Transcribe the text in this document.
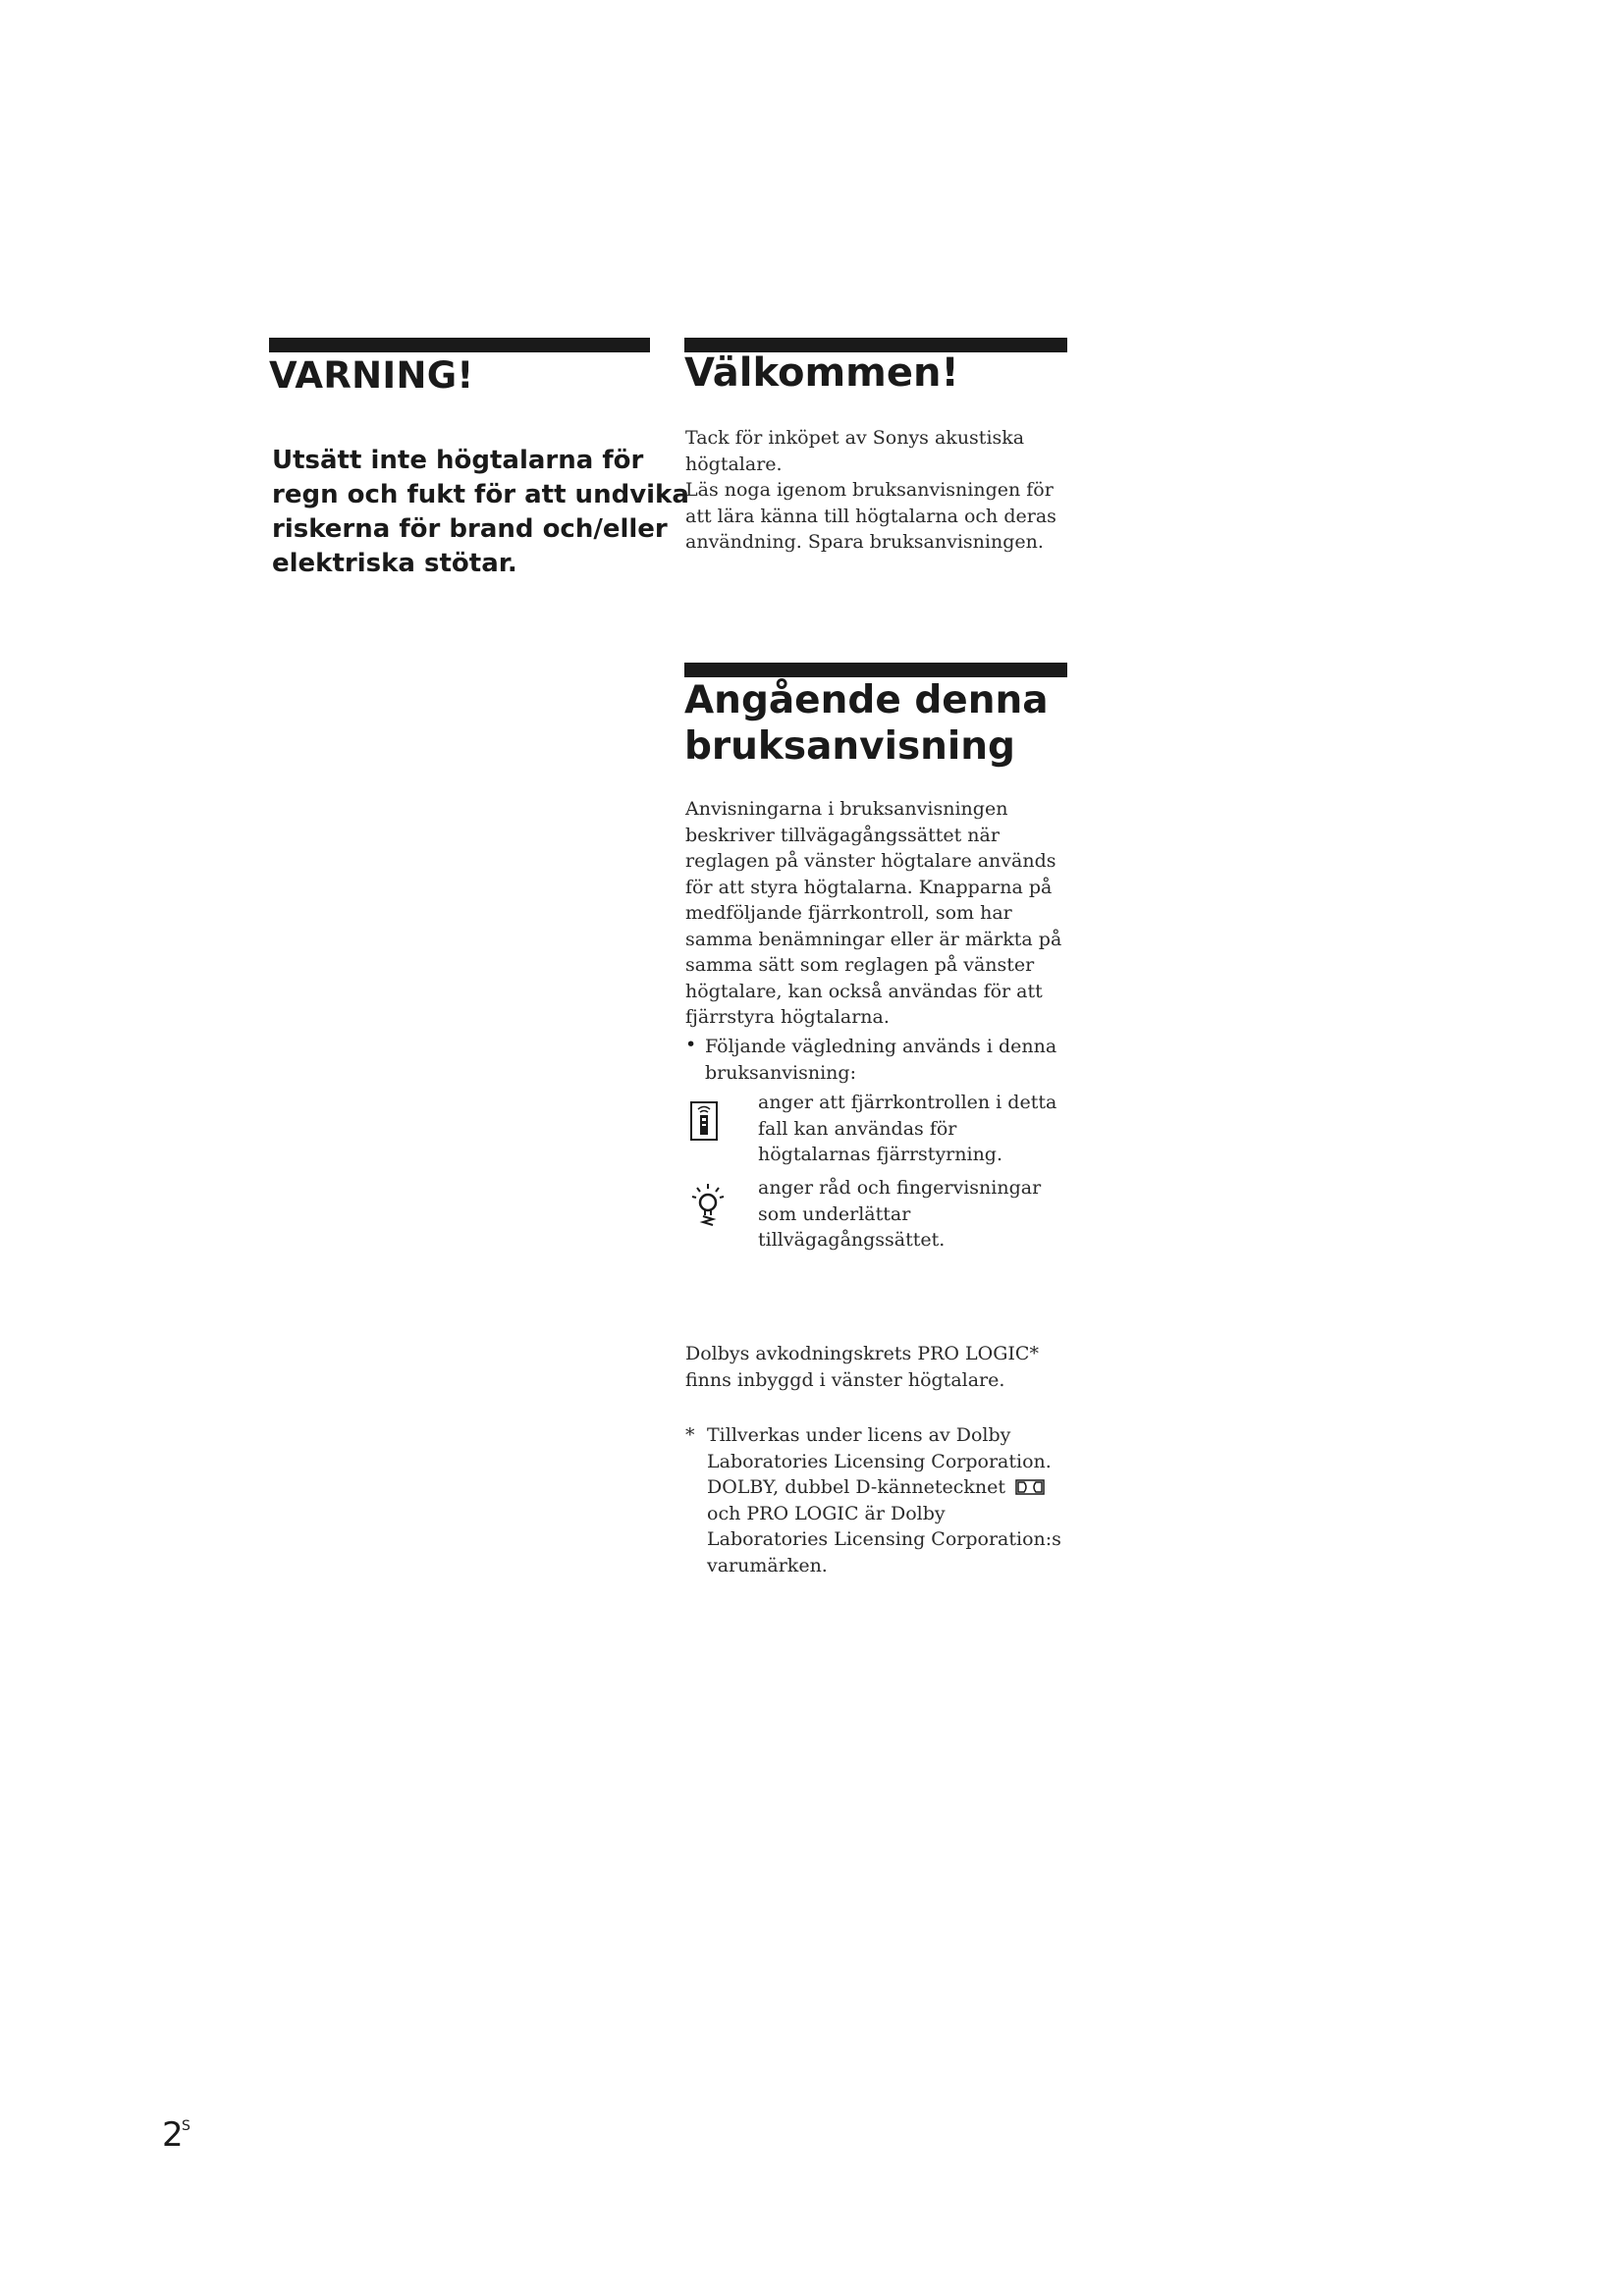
VARNING!

Utsätt inte högtalarna för
regn och fukt för att undvika
riskerna för brand och/eller
elektriska stötar.

Välkommen!

Tack för inköpet av Sonys akustiska
högtalare.
Läs noga igenom bruksanvisningen för
att lära känna till högtalarna och deras
användning. Spara bruksanvisningen.

Angående denna
bruksanvisning

Anvisningarna i bruksanvisningen
beskriver tillvägagångssättet när
reglagen på vänster högtalare används
för att styra högtalarna. Knapparna på
medföljande fjärrkontroll, som har
samma benämningar eller är märkta på
samma sätt som reglagen på vänster
högtalare, kan också användas för att
fjärrstyra högtalarna.

• Följande vägledning används i denna
bruksanvisning:

anger att fjärrkontrollen i detta
fall kan användas för
högtalarnas fjärrstyrning.

anger råd och fingervisningar
som underlättar
tillvägagångssättet.

Dolbys avkodningskrets PRO LOGIC*
finns inbyggd i vänster högtalare.

* Tillverkas under licens av Dolby
Laboratories Licensing Corporation.
DOLBY, dubbel D-kännetecknet
och PRO LOGIC är Dolby
Laboratories Licensing Corporation:s
varumärken.

2
S
